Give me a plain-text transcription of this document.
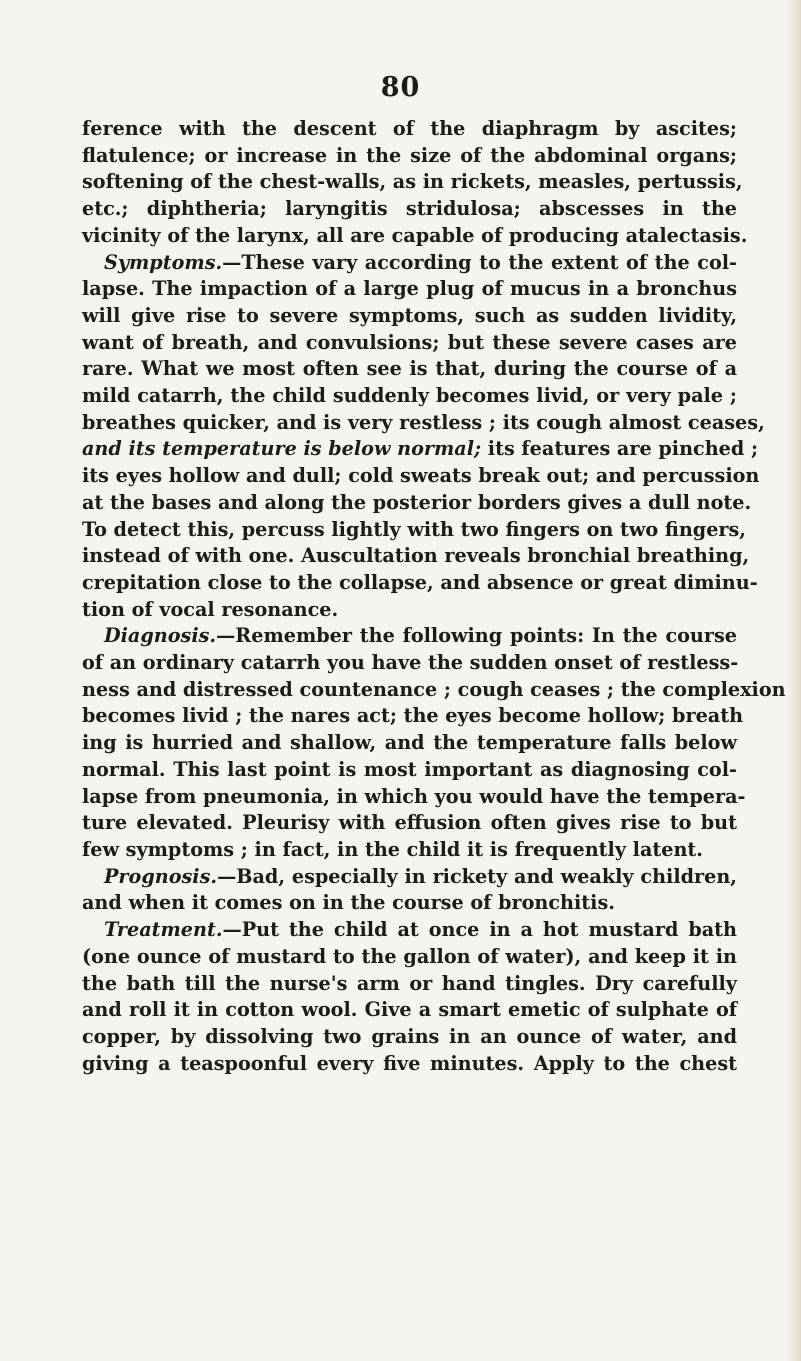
80
ference with the descent of the diaphragm by ascites;
flatulence; or increase in the size of the abdominal organs;
softening of the chest-walls, as in rickets, measles, pertussis,
etc.; diphtheria; laryngitis stridulosa; abscesses in the
vicinity of the larynx, all are capable of producing atalectasis.
Symptoms.—These vary according to the extent of the col-
lapse. The impaction of a large plug of mucus in a bronchus
will give rise to severe symptoms, such as sudden lividity,
want of breath, and convulsions; but these severe cases are
rare. What we most often see is that, during the course of a
mild catarrh, the child suddenly becomes livid, or very pale ;
breathes quicker, and is very restless ; its cough almost ceases,
and its temperature is below normal; its features are pinched ;
its eyes hollow and dull; cold sweats break out; and percussion
at the bases and along the posterior borders gives a dull note.
To detect this, percuss lightly with two fingers on two fingers,
instead of with one. Auscultation reveals bronchial breathing,
crepitation close to the collapse, and absence or great diminu-
tion of vocal resonance.
Diagnosis.—Remember the following points: In the course
of an ordinary catarrh you have the sudden onset of restless-
ness and distressed countenance ; cough ceases ; the complexion
becomes livid ; the nares act; the eyes become hollow; breath
ing is hurried and shallow, and the temperature falls below
normal. This last point is most important as diagnosing col-
lapse from pneumonia, in which you would have the tempera-
ture elevated. Pleurisy with effusion often gives rise to but
few symptoms ; in fact, in the child it is frequently latent.
Prognosis.—Bad, especially in rickety and weakly children,
and when it comes on in the course of bronchitis.
Treatment.—Put the child at once in a hot mustard bath
(one ounce of mustard to the gallon of water), and keep it in
the bath till the nurse's arm or hand tingles. Dry carefully
and roll it in cotton wool. Give a smart emetic of sulphate of
copper, by dissolving two grains in an ounce of water, and
giving a teaspoonful every five minutes. Apply to the chest
